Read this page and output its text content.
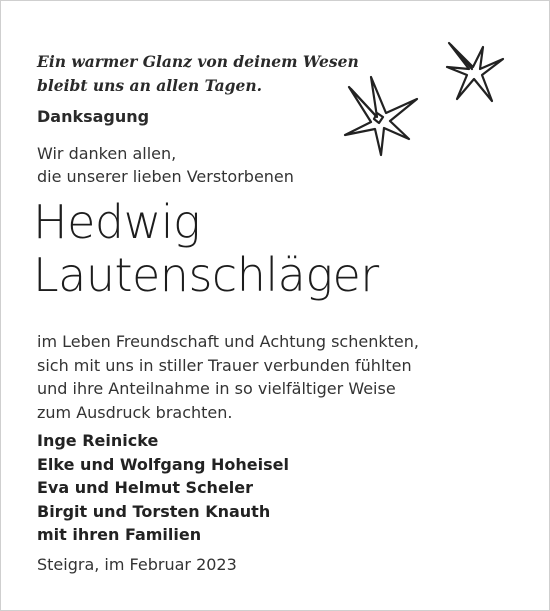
Ein warmer Glanz von deinem Wesen
bleibt uns an allen Tagen.
Danksagung
Wir danken allen,
die unserer lieben Verstorbenen
Hedwig
Lautenschläger
im Leben Freundschaft und Achtung schenkten,
sich mit uns in stiller Trauer verbunden fühlten
und ihre Anteilnahme in so vielfältiger Weise
zum Ausdruck brachten.
Inge Reinicke
Elke und Wolfgang Hoheisel
Eva und Helmut Scheler
Birgit und Torsten Knauth
mit ihren Familien
Steigra, im Februar 2023
